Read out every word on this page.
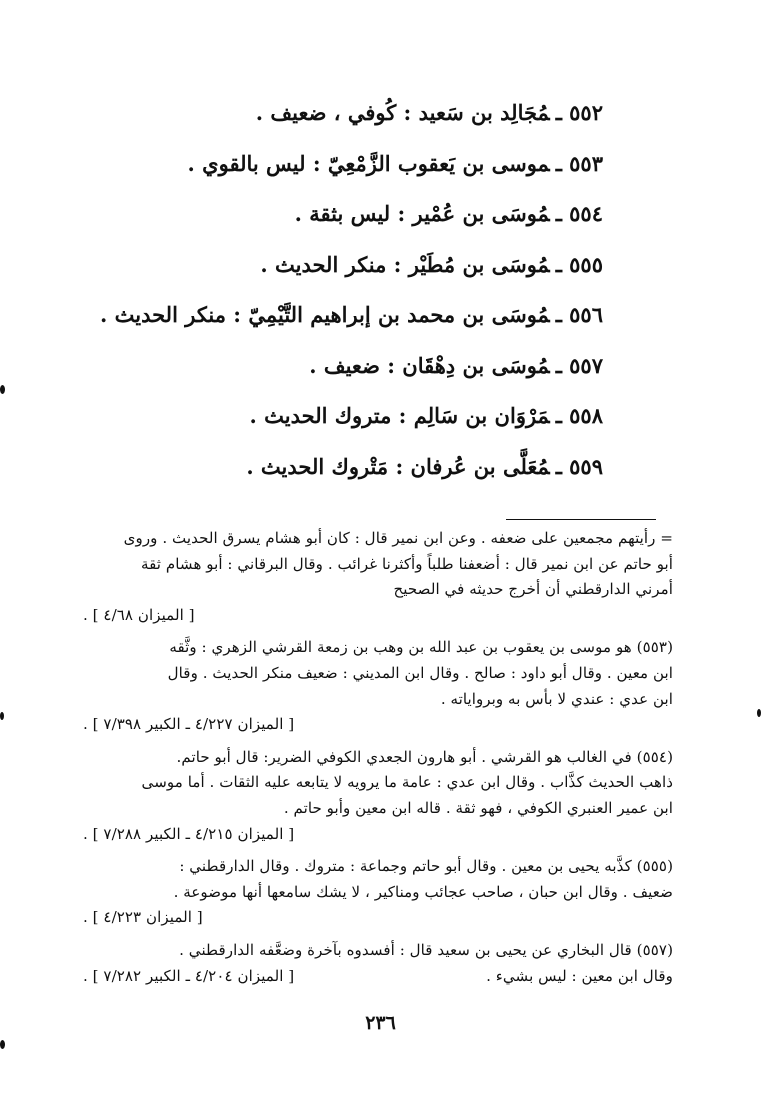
٥٥٢ ـمُجَالِد بن سَعيد : كُوفي ، ضعيف .
٥٥٣ ـموسى بن يَعقوب الزَّمْعِيّ : ليس بالقوي .
٥٥٤ ـمُوسَى بن عُمْير : ليس بثقة .
٥٥٥ ـمُوسَى بن مُطَيْر : منكر الحديث .
٥٥٦ ـمُوسَى بن محمد بن إبراهيم التَّيْمِيّ : منكر الحديث .
٥٥٧ ـمُوسَى بن دِهْقَان : ضعيف .
٥٥٨ ـمَرْوَان بن سَالِم : متروك الحديث .
٥٥٩ ـمُعَلَّى بن عُرفان : مَتْروك الحديث .
= رأيتهم مجمعين على ضعفه . وعن ابن نمير قال : كان أبو هشام يسرق الحديث . وروى
أبو حاتم عن ابن نمير قال : أضعفنا طلباً وأكثرنا غرائب . وقال البرقاني : أبو هشام ثقة
أمرني الدارقطني أن أخرج حديثه في الصحيح
[ الميزان ٤/٦٨ ] .
(٥٥٣) هو موسى بن يعقوب بن عبد الله بن وهب بن زمعة القرشي الزهري : وثَّقه
ابن معين . وقال أبو داود : صالح . وقال ابن المديني : ضعيف منكر الحديث . وقال
ابن عدي : عندي لا بأس به وبرواياته .
[ الميزان ٤/٢٢٧ ـ الكبير ٧/٣٩٨ ] .
(٥٥٤) في الغالب هو القرشي . أبو هارون الجعدي الكوفي الضرير: قال أبو حاتم.
ذاهب الحديث كذَّاب . وقال ابن عدي : عامة ما يرويه لا يتابعه عليه الثقات . أما موسى
ابن عمير العنبري الكوفي ، فهو ثقة . قاله ابن معين وأبو حاتم .
[ الميزان ٤/٢١٥ ـ الكبير ٧/٢٨٨ ] .
(٥٥٥) كذَّبه يحيى بن معين . وقال أبو حاتم وجماعة : متروك . وقال الدارقطني :
ضعيف . وقال ابن حبان ، صاحب عجائب ومناكير ، لا يشك سامعها أنها موضوعة .
[ الميزان ٤/٢٢٣ ] .
(٥٥٧) قال البخاري عن يحيى بن سعيد قال : أفسدوه بآخرة وضعَّفه الدارقطني .
وقال ابن معين : ليس بشيء .
[ الميزان ٤/٢٠٤ ـ الكبير ٧/٢٨٢ ] .
٢٣٦
